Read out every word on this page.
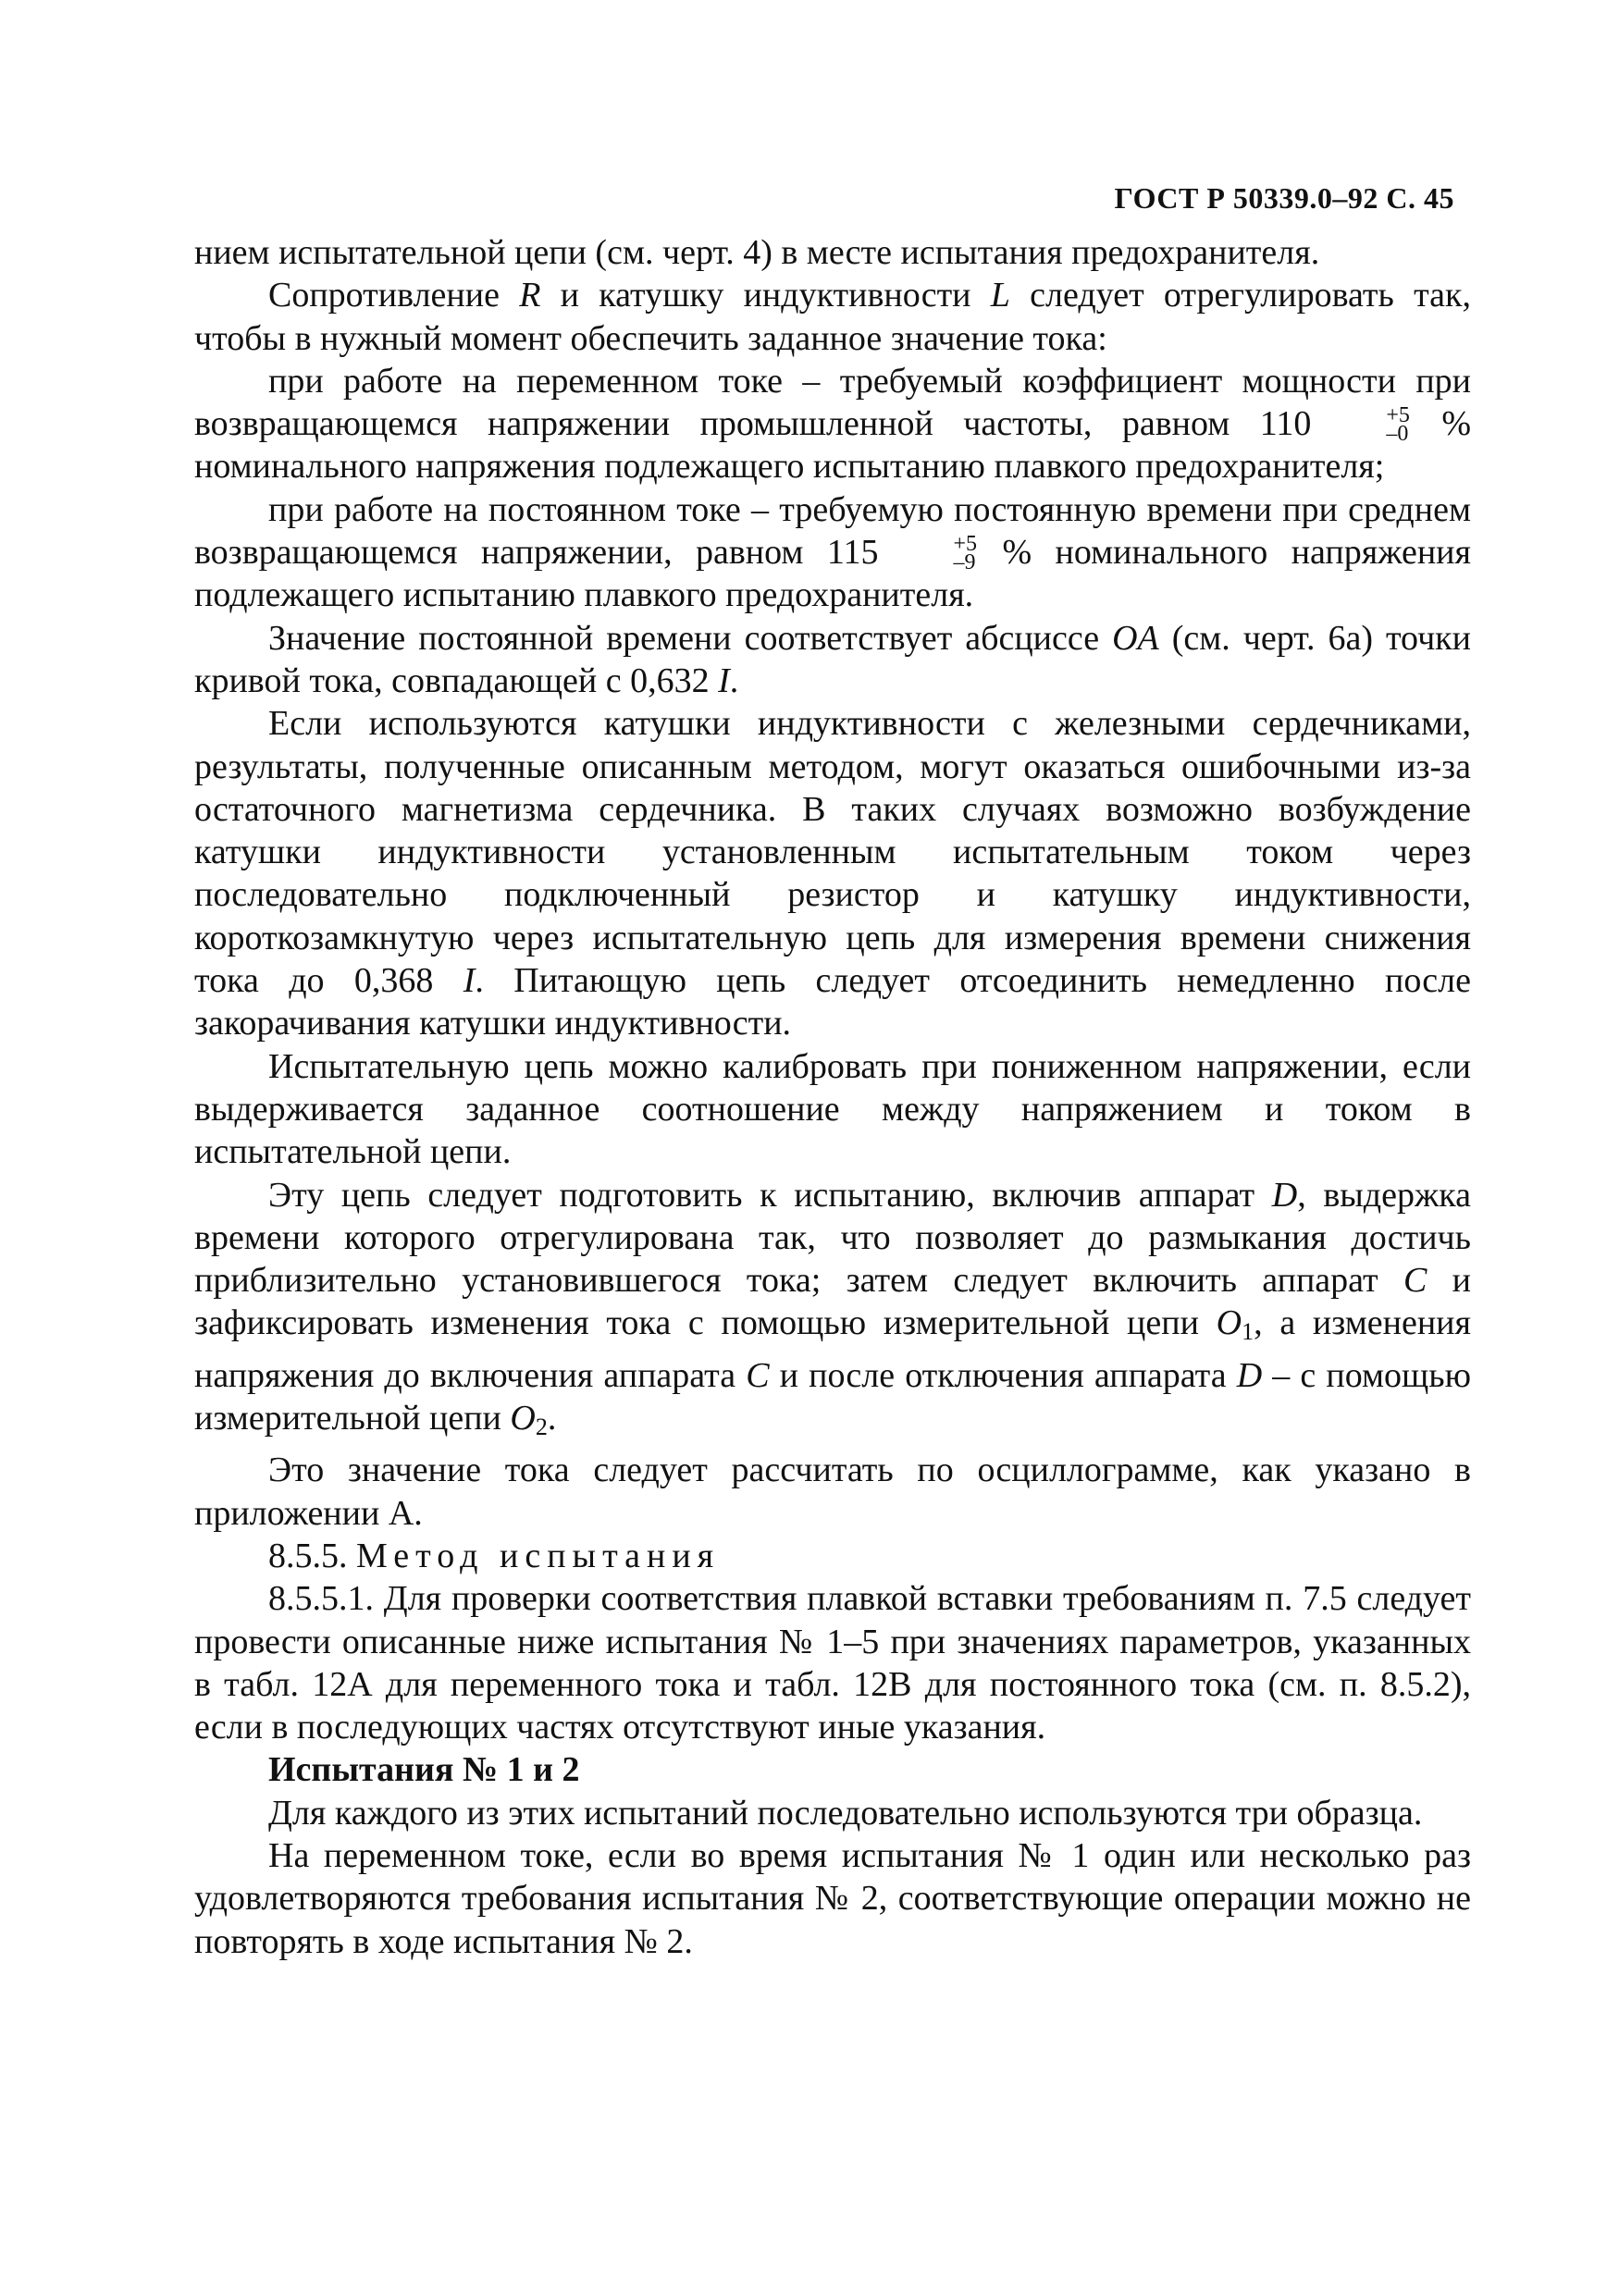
ГОСТ Р 50339.0–92 С. 45

нием испытательной цепи (см. черт. 4) в месте испытания предохранителя.

Сопротивление R и катушку индуктивности L следует отрегулировать так, чтобы в нужный момент обеспечить заданное значение тока:

при работе на переменном токе – требуемый коэффициент мощности при возвращающемся напряжении промышленной частоты, равном 110	+5
–0 % номинального напряжения подлежащего испытанию плавкого предохранителя;

при работе на постоянном токе – требуемую постоянную времени при среднем возвращающемся напряжении, равном 115	+5
–9 % номинального напряжения подлежащего испытанию плавкого предохранителя.

Значение постоянной времени соответствует абсциссе OA (см. черт. 6а) точки кривой тока, совпадающей с 0,632 I.

Если используются катушки индуктивности с железными сердечниками, результаты, полученные описанным методом, могут оказаться ошибочными из-за остаточного магнетизма сердечника. В таких случаях возможно возбуждение катушки индуктивности установленным испытательным током через последовательно подключенный резистор и катушку индуктивности, короткозамкнутую через испытательную цепь для измерения времени снижения тока до 0,368 I. Питающую цепь следует отсоединить немедленно после закорачивания катушки индуктивности.

Испытательную цепь можно калибровать при пониженном напряжении, если выдерживается заданное соотношение между напряжением и током в испытательной цепи.

Эту цепь следует подготовить к испытанию, включив аппарат D, выдержка времени которого отрегулирована так, что позволяет до размыкания достичь приблизительно установившегося тока; затем следует включить аппарат C и зафиксировать изменения тока с помощью измерительной цепи O1, а изменения напряжения до включения аппарата C и после отключения аппарата D – с помощью измерительной цепи O2.

Это значение тока следует рассчитать по осциллограмме, как указано в приложении А.

8.5.5. Метод испытания

8.5.5.1. Для проверки соответствия плавкой вставки требованиям п. 7.5 следует провести описанные ниже испытания № 1–5 при значениях параметров, указанных в табл. 12А для переменного тока и табл. 12В для постоянного тока (см. п. 8.5.2), если в последующих частях отсутствуют иные указания.

Испытания № 1 и 2

Для каждого из этих испытаний последовательно используются три образца.

На переменном токе, если во время испытания № 1 один или несколько раз удовлетворяются требования испытания № 2, соответствующие операции можно не повторять в ходе испытания № 2.
